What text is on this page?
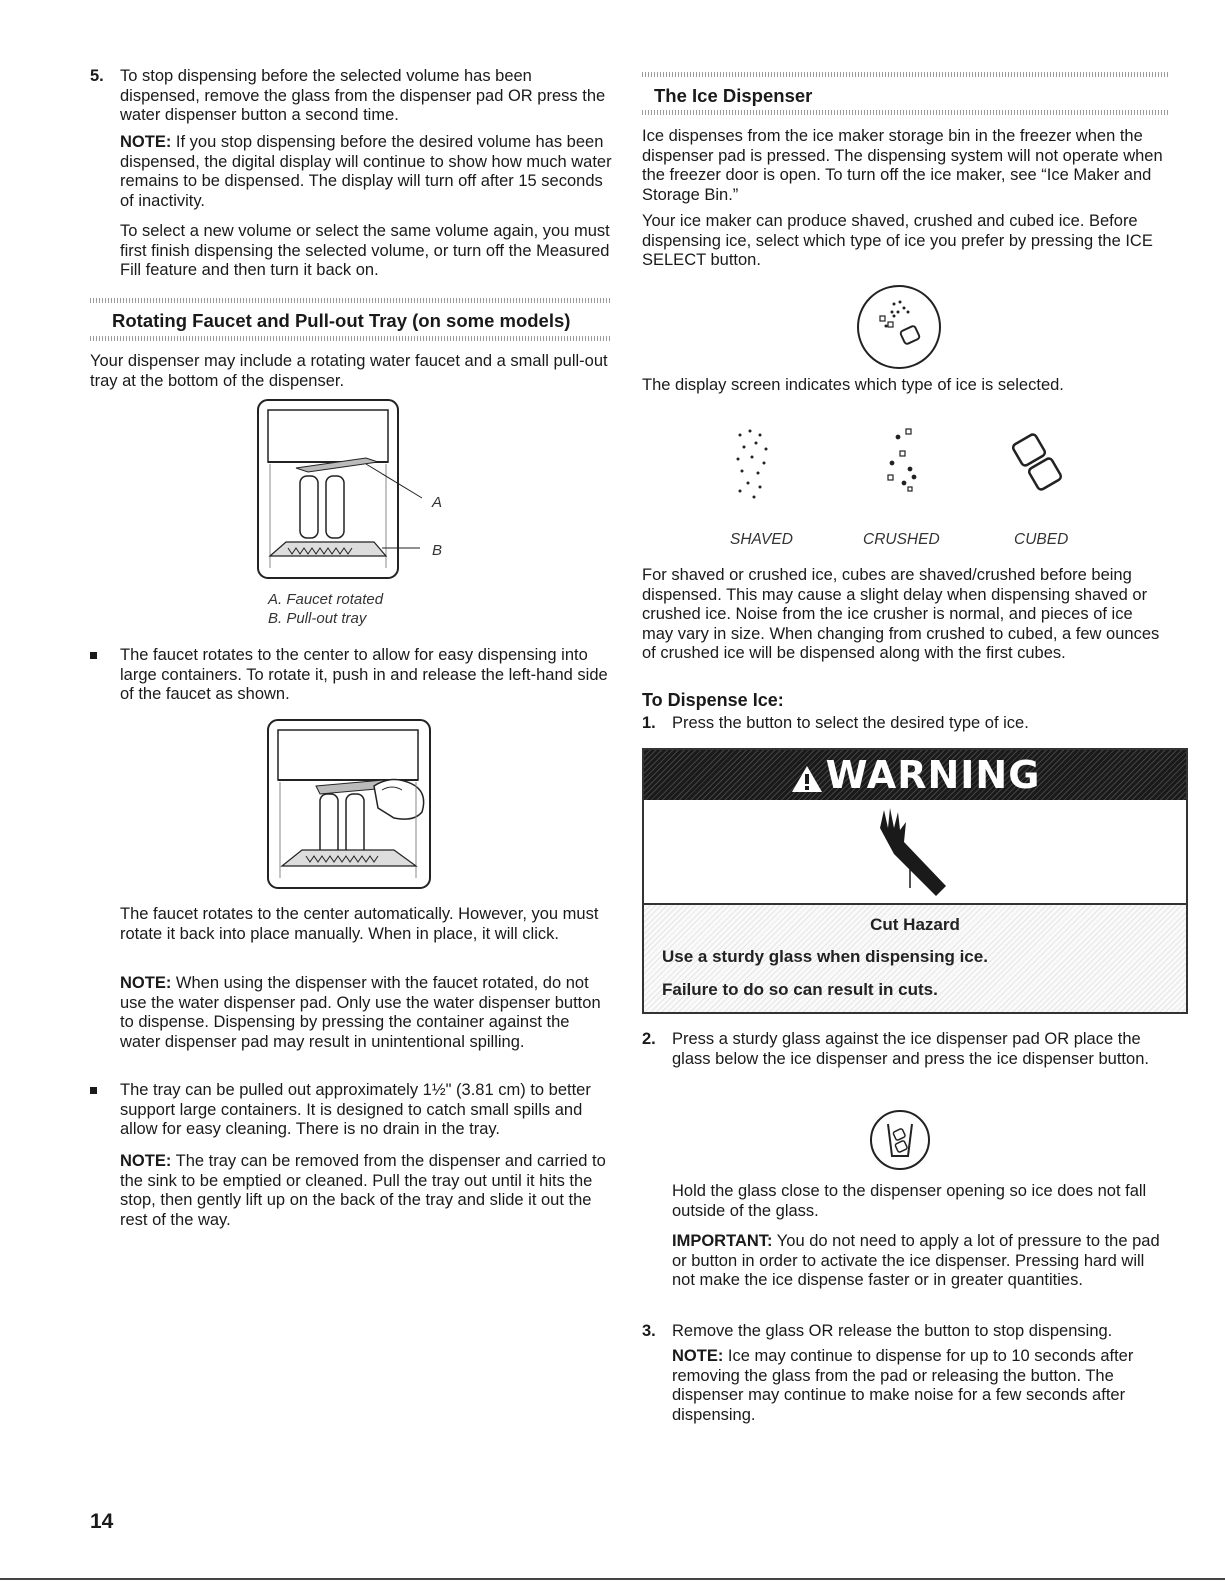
5. To stop dispensing before the selected volume has been dispensed, remove the glass from the dispenser pad OR press the water dispenser button a second time.
NOTE: If you stop dispensing before the desired volume has been dispensed, the digital display will continue to show how much water remains to be dispensed. The display will turn off after 15 seconds of inactivity.
To select a new volume or select the same volume again, you must first finish dispensing the selected volume, or turn off the Measured Fill feature and then turn it back on.
Rotating Faucet and Pull-out Tray (on some models)
Your dispenser may include a rotating water faucet and a small pull-out tray at the bottom of the dispenser.
A
B
A. Faucet rotated
B. Pull-out tray
The faucet rotates to the center to allow for easy dispensing into large containers. To rotate it, push in and release the left-hand side of the faucet as shown.
The faucet rotates to the center automatically. However, you must rotate it back into place manually. When in place, it will click.
NOTE: When using the dispenser with the faucet rotated, do not use the water dispenser pad. Only use the water dispenser button to dispense. Dispensing by pressing the container against the water dispenser pad may result in unintentional spilling.
The tray can be pulled out approximately 1½" (3.81 cm) to better support large containers. It is designed to catch small spills and allow for easy cleaning. There is no drain in the tray.
NOTE: The tray can be removed from the dispenser and carried to the sink to be emptied or cleaned. Pull the tray out until it hits the stop, then gently lift up on the back of the tray and slide it out the rest of the way.
The Ice Dispenser
Ice dispenses from the ice maker storage bin in the freezer when the dispenser pad is pressed. The dispensing system will not operate when the freezer door is open. To turn off the ice maker, see “Ice Maker and Storage Bin.”
Your ice maker can produce shaved, crushed and cubed ice. Before dispensing ice, select which type of ice you prefer by pressing the ICE SELECT button.
The display screen indicates which type of ice is selected.
SHAVED	CRUSHED	CUBED
For shaved or crushed ice, cubes are shaved/crushed before being dispensed. This may cause a slight delay when dispensing shaved or crushed ice. Noise from the ice crusher is normal, and pieces of ice may vary in size. When changing from crushed to cubed, a few ounces of crushed ice will be dispensed along with the first cubes.
To Dispense Ice:
1. Press the button to select the desired type of ice.
WARNING
Cut Hazard
Use a sturdy glass when dispensing ice.
Failure to do so can result in cuts.
2. Press a sturdy glass against the ice dispenser pad OR place the glass below the ice dispenser and press the ice dispenser button.
Hold the glass close to the dispenser opening so ice does not fall outside of the glass.
IMPORTANT: You do not need to apply a lot of pressure to the pad or button in order to activate the ice dispenser. Pressing hard will not make the ice dispense faster or in greater quantities.
3. Remove the glass OR release the button to stop dispensing.
NOTE: Ice may continue to dispense for up to 10 seconds after removing the glass from the pad or releasing the button. The dispenser may continue to make noise for a few seconds after dispensing.
14
